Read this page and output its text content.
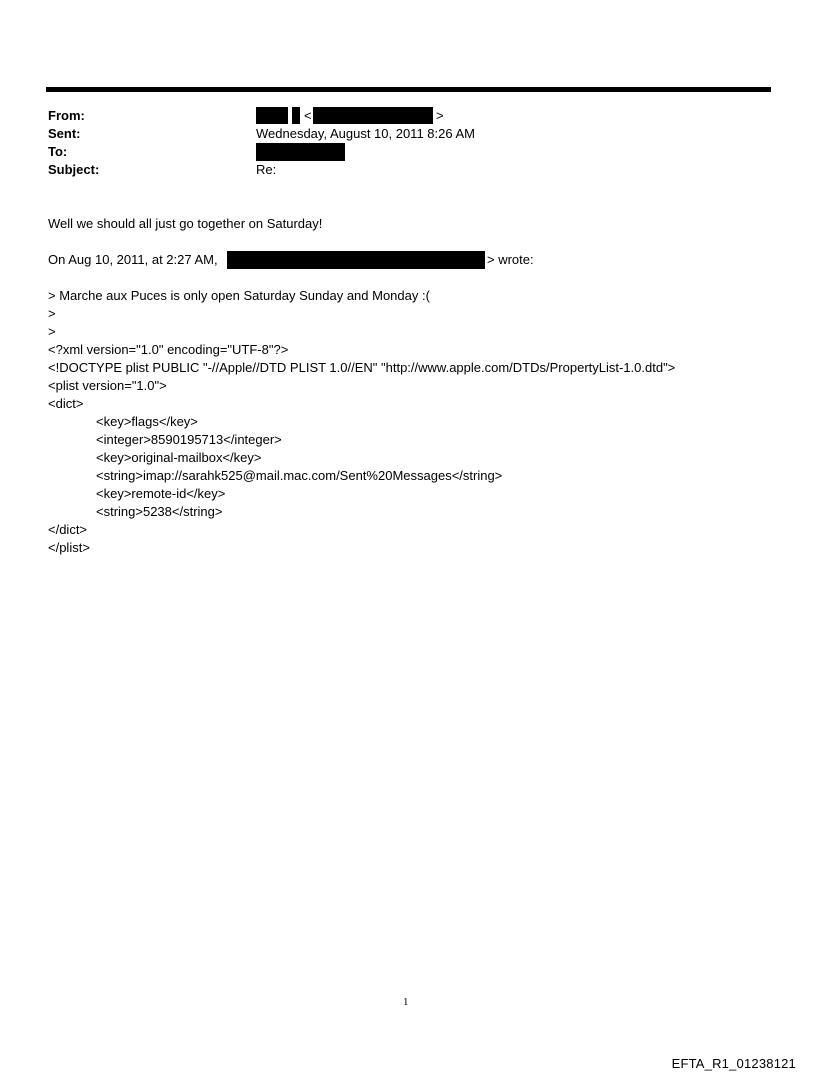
From:	<	>
Sent:	Wednesday, August 10, 2011 8:26 AM
To:
Subject:	Re:
Well we should all just go together on Saturday!
On Aug 10, 2011, at 2:27 AM,	> wrote:
> Marche aux Puces is only open Saturday Sunday and Monday :(
>
>
<?xml version="1.0" encoding="UTF-8"?>
<!DOCTYPE plist PUBLIC "-//Apple//DTD PLIST 1.0//EN" "http://www.apple.com/DTDs/PropertyList-1.0.dtd">
<plist version="1.0">
<dict>
<key>flags</key>
<integer>8590195713</integer>
<key>original-mailbox</key>
<string>imap://sarahk525@mail.mac.com/Sent%20Messages</string>
<key>remote-id</key>
<string>5238</string>
</dict>
</plist>
1
EFTA_R1_01238121
